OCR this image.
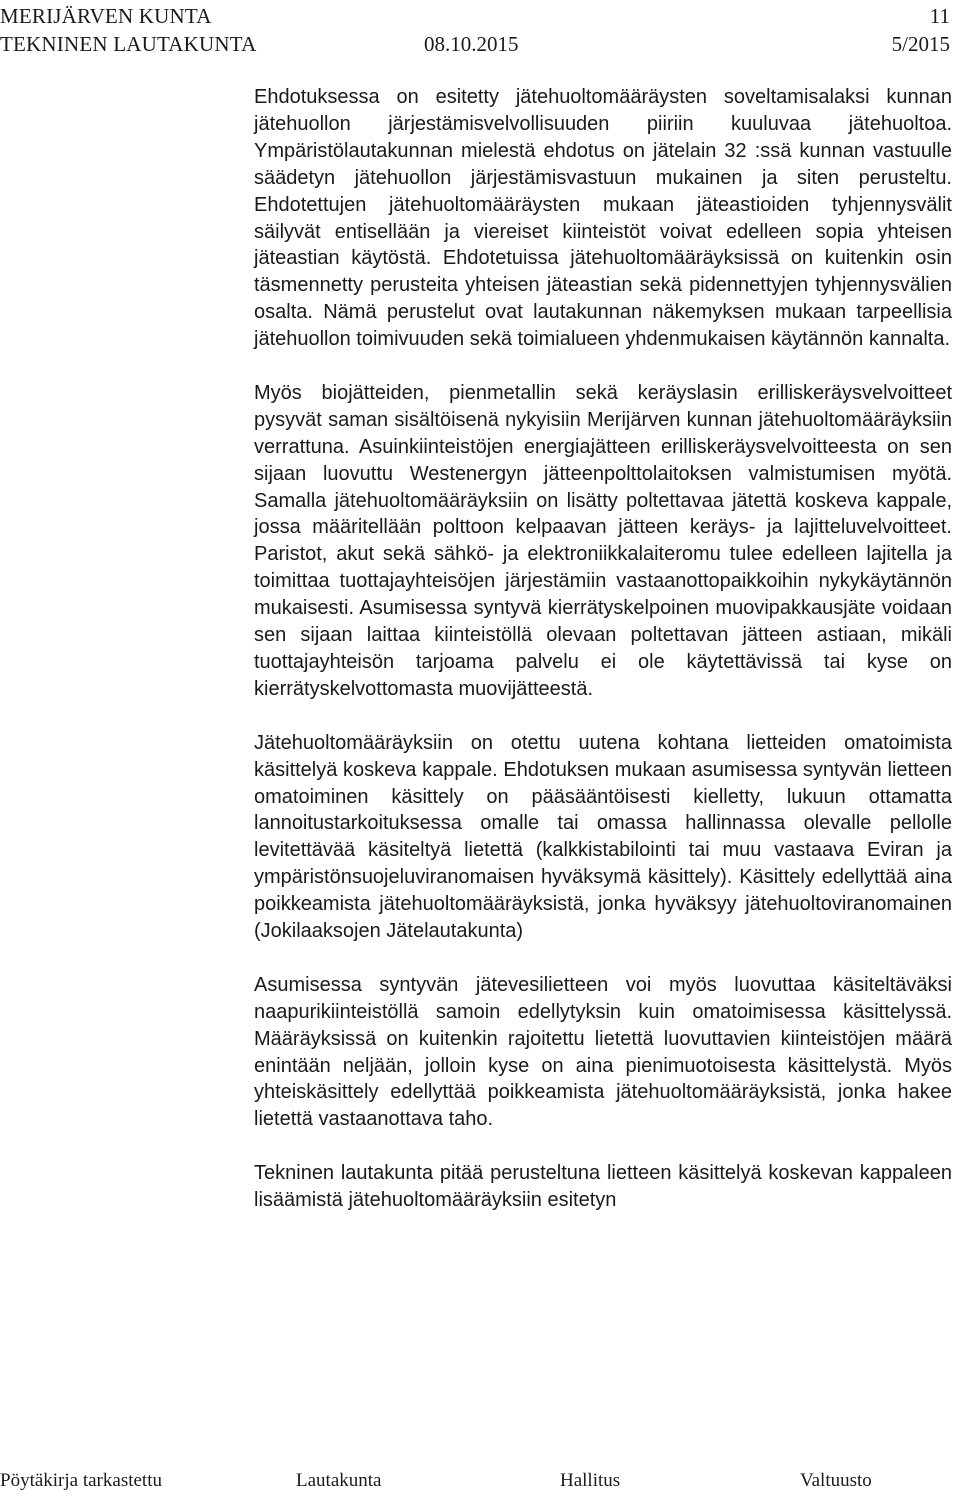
MERIJÄRVEN KUNTA	11
TEKNINEN LAUTAKUNTA	08.10.2015	5/2015

Ehdotuksessa on esitetty jätehuoltomääräysten soveltamisalaksi kunnan jätehuollon järjestämisvelvollisuuden piiriin kuuluvaa jätehuoltoa. Ympäristölautakunnan mielestä ehdotus on jätelain 32 :ssä kunnan vastuulle säädetyn jätehuollon järjestämisvastuun mukainen ja siten perusteltu. Ehdotettujen jätehuoltomääräysten mukaan jäteastioiden tyhjennysvälit säilyvät entisellään ja viereiset kiinteistöt voivat edelleen sopia yhteisen jäteastian käytöstä. Ehdotetuissa jätehuoltomääräyksissä on kuitenkin osin täsmennetty perusteita yhteisen jäteastian sekä pidennettyjen tyhjennysvälien osalta. Nämä perustelut ovat lautakunnan näkemyksen mukaan tarpeellisia jätehuollon toimivuuden sekä toimialueen yhdenmukaisen käytännön kannalta.

Myös biojätteiden, pienmetallin sekä keräyslasin erilliskeräysvelvoitteet pysyvät saman sisältöisenä nykyisiin Merijärven kunnan jätehuoltomääräyksiin verrattuna. Asuinkiinteistöjen energiajätteen erilliskeräysvelvoitteesta on sen sijaan luovuttu Westenergyn jätteenpolttolaitoksen valmistumisen myötä. Samalla jätehuoltomääräyksiin on lisätty poltettavaa jätettä koskeva kappale, jossa määritellään polttoon kelpaavan jätteen keräys- ja lajitteluvelvoitteet. Paristot, akut sekä sähkö- ja elektroniikkalaiteromu tulee edelleen lajitella ja toimittaa tuottajayhteisöjen järjestämiin vastaanottopaikkoihin nykykäytännön mukaisesti. Asumisessa syntyvä kierrätyskelpoinen muovipakkausjäte voidaan sen sijaan laittaa kiinteistöllä olevaan poltettavan jätteen astiaan, mikäli tuottajayhteisön tarjoama palvelu ei ole käytettävissä tai kyse on kierrätyskelvottomasta muovijätteestä.

Jätehuoltomääräyksiin on otettu uutena kohtana lietteiden omatoimista käsittelyä koskeva kappale. Ehdotuksen mukaan asumisessa syntyvän lietteen omatoiminen käsittely on pääsääntöisesti kielletty, lukuun ottamatta lannoitustarkoituksessa omalle tai omassa hallinnassa olevalle pellolle levitettävää käsiteltyä lietettä (kalkkistabilointi tai muu vastaava Eviran ja ympäristönsuojeluviranomaisen hyväksymä käsittely). Käsittely edellyttää aina poikkeamista jätehuoltomääräyksistä, jonka hyväksyy jätehuoltoviranomainen (Jokilaaksojen Jätelautakunta)

Asumisessa syntyvän jätevesilietteen voi myös luovuttaa käsiteltäväksi naapurikiinteistöllä samoin edellytyksin kuin omatoimisessa käsittelyssä. Määräyksissä on kuitenkin rajoitettu lietettä luovuttavien kiinteistöjen määrä enintään neljään, jolloin kyse on aina pienimuotoisesta käsittelystä. Myös yhteiskäsittely edellyttää poikkeamista jätehuoltomääräyksistä, jonka hakee lietettä vastaanottava taho.

Tekninen lautakunta pitää perusteltuna lietteen käsittelyä koskevan kappaleen lisäämistä jätehuoltomääräyksiin esitetyn

Pöytäkirja tarkastettu	Lautakunta	Hallitus	Valtuusto
